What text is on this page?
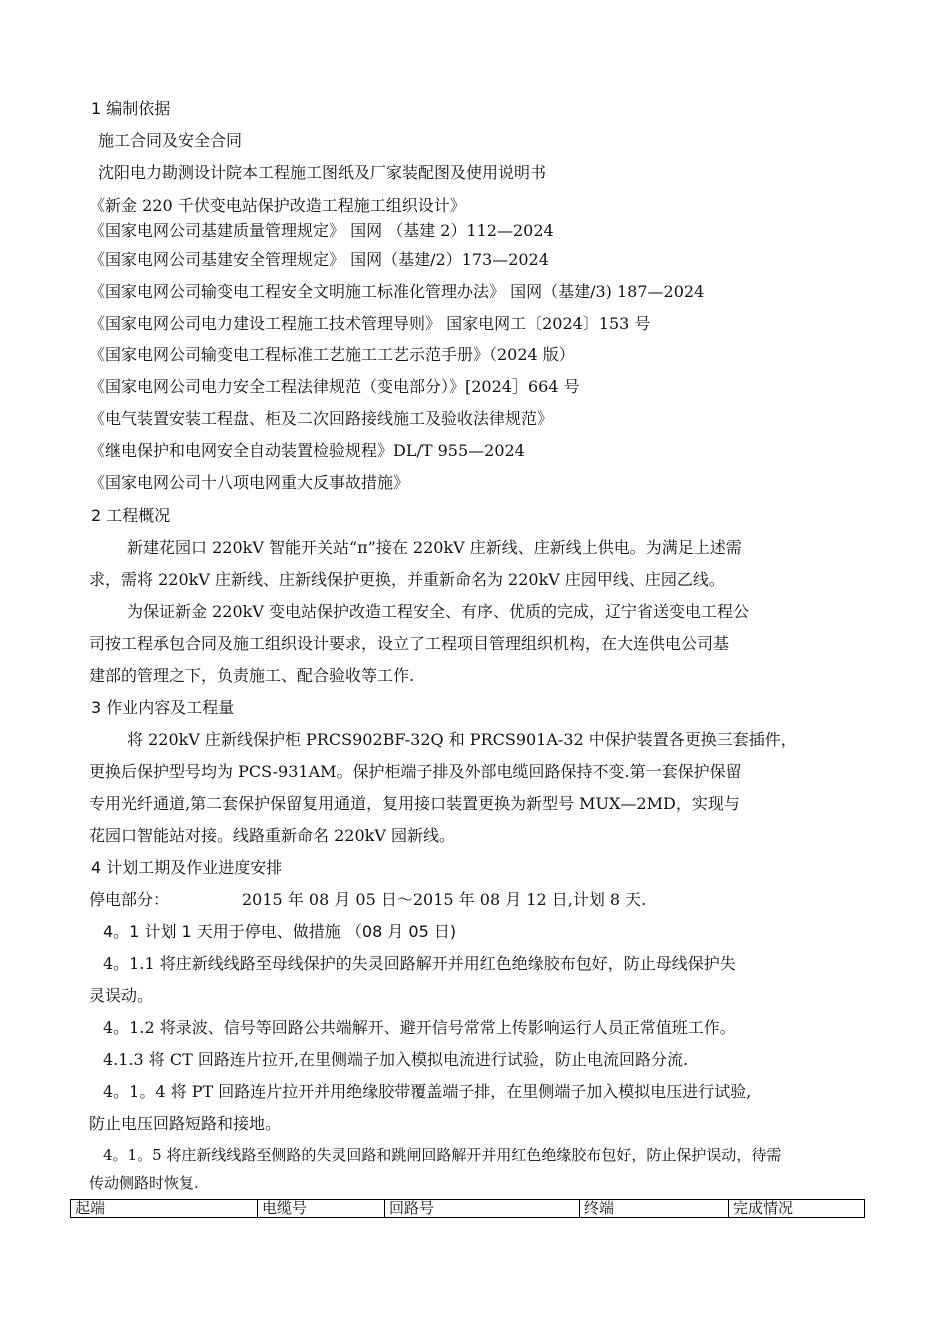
1 编制依据
施工合同及安全合同
沈阳电力勘测设计院本工程施工图纸及厂家装配图及使用说明书
《新金 220 千伏变电站保护改造工程施工组织设计》
《国家电网公司基建质量管理规定》 国网 （基建 2）112—2024
《国家电网公司基建安全管理规定》 国网（基建/2）173—2024
《国家电网公司输变电工程安全文明施工标准化管理办法》 国网（基建/3) 187—2024
《国家电网公司电力建设工程施工技术管理导则》 国家电网工〔2024〕153 号
《国家电网公司输变电工程标准工艺施工工艺示范手册》（2024 版）
《国家电网公司电力安全工程法律规范（变电部分）》[2024］664 号
《电气装置安装工程盘、柜及二次回路接线施工及验收法律规范》
《继电保护和电网安全自动装置检验规程》DL/T 955—2024
《国家电网公司十八项电网重大反事故措施》
2 工程概况
新建花园口 220kV 智能开关站“π”接在 220kV 庄新线、庄新线上供电。为满足上述需
求，需将 220kV 庄新线、庄新线保护更换，并重新命名为 220kV 庄园甲线、庄园乙线。
为保证新金 220kV 变电站保护改造工程安全、有序、优质的完成，辽宁省送变电工程公
司按工程承包合同及施工组织设计要求，设立了工程项目管理组织机构，在大连供电公司基
建部的管理之下，负责施工、配合验收等工作.
3 作业内容及工程量
将 220kV 庄新线保护柜 PRCS902BF-32Q 和 PRCS901A-32 中保护装置各更换三套插件，
更换后保护型号均为 PCS-931AM。保护柜端子排及外部电缆回路保持不变.第一套保护保留
专用光纤通道,第二套保护保留复用通道，复用接口装置更换为新型号 MUX—2MD，实现与
花园口智能站对接。线路重新命名 220kV 园新线。
4 计划工期及作业进度安排
停电部分：	2015 年 08 月 05 日～2015 年 08 月 12 日,计划 8 天.
4。1 计划 1 天用于停电、做措施 （08 月 05 日)
4。1.1 将庄新线线路至母线保护的失灵回路解开并用红色绝缘胶布包好，防止母线保护失
灵误动。
4。1.2 将录波、信号等回路公共端解开、避开信号常常上传影响运行人员正常值班工作。
4.1.3 将 CT 回路连片拉开,在里侧端子加入模拟电流进行试验，防止电流回路分流.
4。1。4 将 PT 回路连片拉开并用绝缘胶带覆盖端子排，在里侧端子加入模拟电压进行试验,
防止电压回路短路和接地。
4。1。5 将庄新线线路至侧路的失灵回路和跳闸回路解开并用红色绝缘胶布包好，防止保护误动，待需
传动侧路时恢复.
起端	电缆号	回路号	终端	完成情况
